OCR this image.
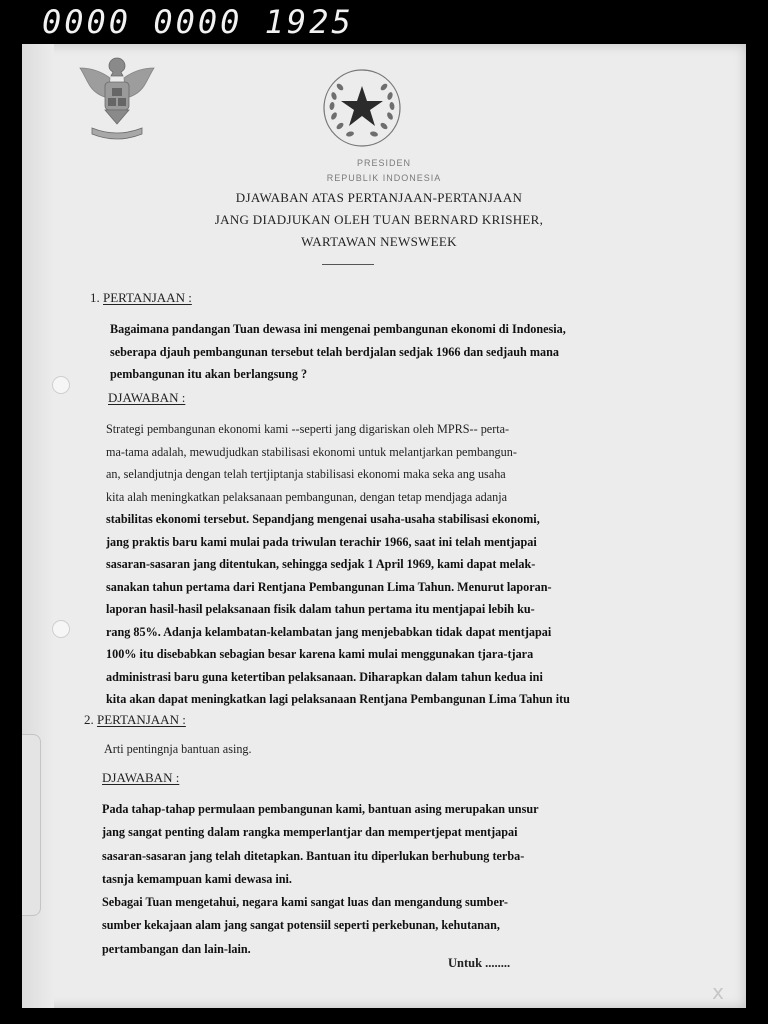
0000 0000 1925
PRESIDEN
REPUBLIK INDONESIA
DJAWABAN ATAS PERTANJAAN-PERTANJAAN
JANG DIADJUKAN OLEH TUAN BERNARD KRISHER,
WARTAWAN NEWSWEEK
1. PERTANJAAN :
Bagaimana pandangan Tuan dewasa ini mengenai pembangunan ekonomi di Indonesia,
seberapa djauh pembangunan tersebut telah berdjalan sedjak 1966 dan sedjauh mana
pembangunan itu akan berlangsung ?
DJAWABAN :
Strategi pembangunan ekonomi kami --seperti jang digariskan oleh MPRS-- perta-
ma-tama adalah, mewudjudkan stabilisasi ekonomi untuk melantjarkan pembangun-
an, selandjutnja dengan telah tertjiptanja stabilisasi ekonomi maka seka ang usaha
kita alah meningkatkan pelaksanaan pembangunan, dengan tetap mendjaga adanja
stabilitas ekonomi tersebut. Sepandjang mengenai usaha-usaha stabilisasi ekonomi,
jang praktis baru kami mulai pada triwulan terachir 1966, saat ini telah mentjapai
sasaran-sasaran jang ditentukan, sehingga sedjak 1 April 1969, kami dapat melak-
sanakan tahun pertama dari Rentjana Pembangunan Lima Tahun. Menurut laporan-
laporan hasil-hasil pelaksanaan fisik dalam tahun pertama itu mentjapai lebih ku-
rang 85%. Adanja kelambatan-kelambatan jang menjebabkan tidak dapat mentjapai
100% itu disebabkan sebagian besar karena kami mulai menggunakan tjara-tjara
administrasi baru guna ketertiban pelaksanaan. Diharapkan dalam tahun kedua ini
kita akan dapat meningkatkan lagi pelaksanaan Rentjana Pembangunan Lima Tahun itu
2. PERTANJAAN :
Arti pentingnja bantuan asing.
DJAWABAN :
Pada tahap-tahap permulaan pembangunan kami, bantuan asing merupakan unsur
jang sangat penting dalam rangka memperlantjar dan mempertjepat mentjapai
sasaran-sasaran jang telah ditetapkan. Bantuan itu diperlukan berhubung terba-
tasnja kemampuan kami dewasa ini.
Sebagai Tuan mengetahui, negara kami sangat luas dan mengandung sumber-
sumber kekajaan alam jang sangat potensiil seperti perkebunan, kehutanan,
pertambangan dan lain-lain.
Untuk ........
x
